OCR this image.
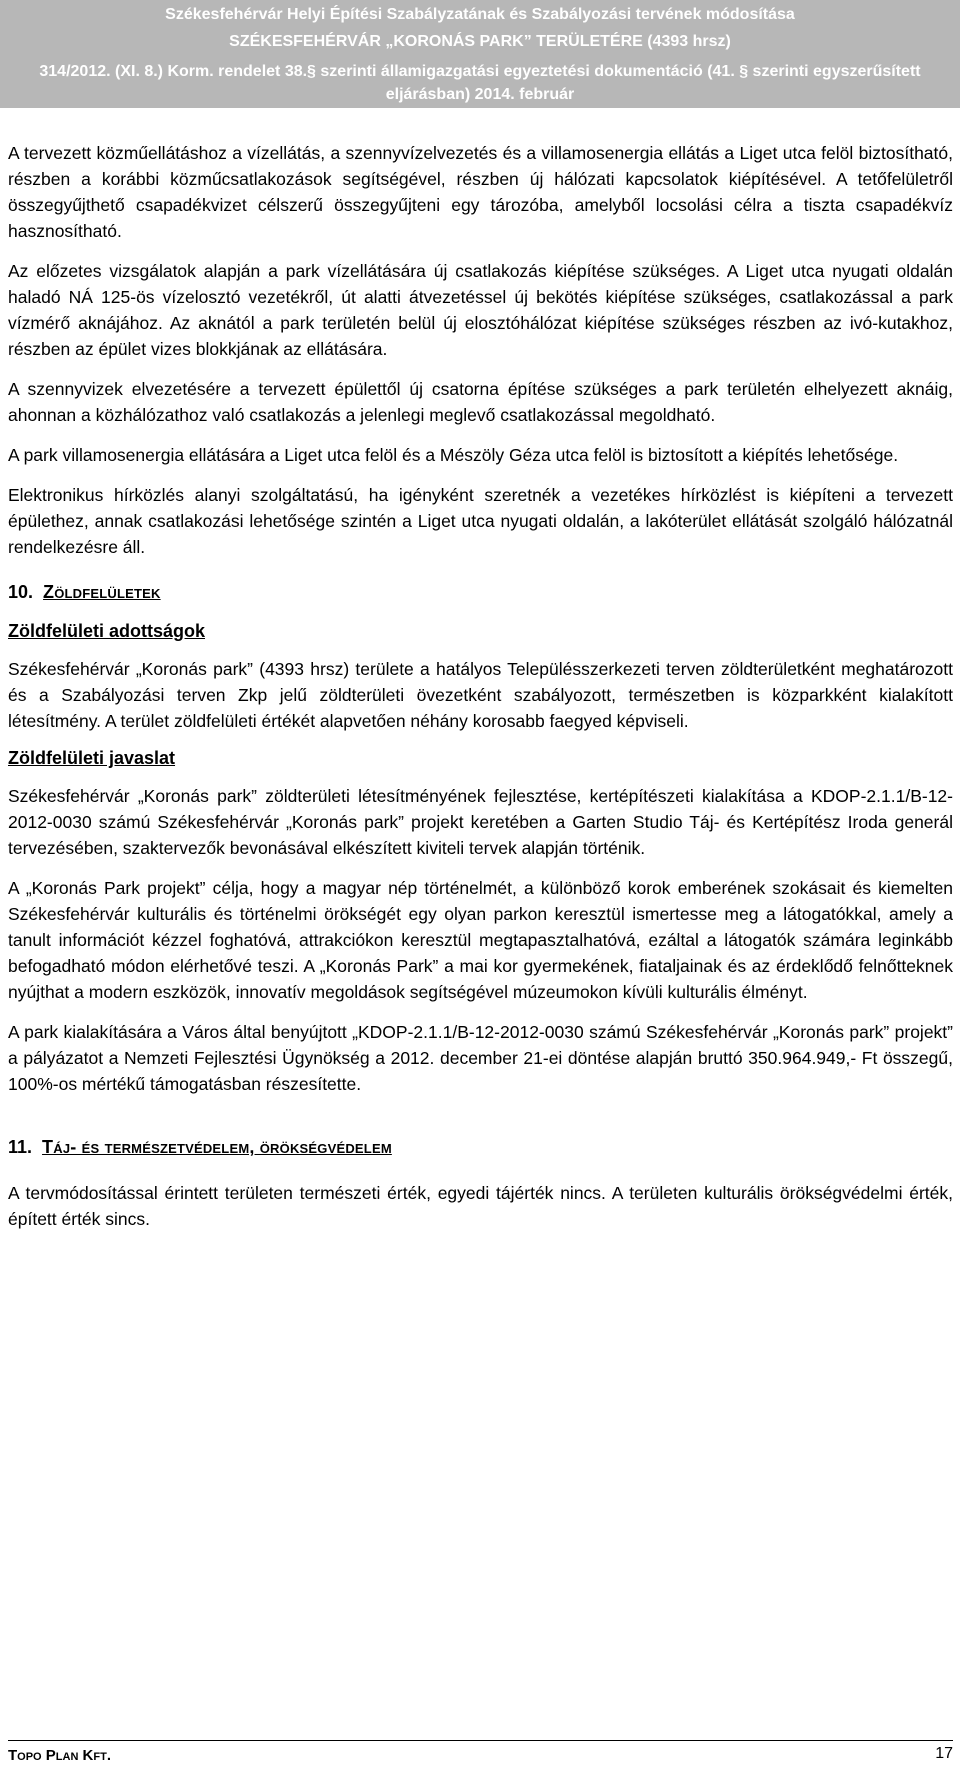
Székesfehérvár Helyi Építési Szabályzatának és Szabályozási tervének módosítása
SZÉKESFEHÉRVÁR „KORONÁS PARK” TERÜLETÉRE (4393 hrsz)
314/2012. (XI. 8.) Korm. rendelet 38.§ szerinti államigazgatási egyeztetési dokumentáció (41. § szerinti egyszerűsített eljárásban) 2014. február

A tervezett közműellátáshoz a vízellátás, a szennyvízelvezetés és a villamosenergia ellátás a Liget utca felöl biztosítható, részben a korábbi közműcsatlakozások segítségével, részben új hálózati kapcsolatok kiépítésével. A tetőfelületről összegyűjthető csapadékvizet célszerű összegyűjteni egy tározóba, amelyből locsolási célra a tiszta csapadékvíz hasznosítható.

Az előzetes vizsgálatok alapján a park vízellátására új csatlakozás kiépítése szükséges. A Liget utca nyugati oldalán haladó NÁ 125-ös vízelosztó vezetékről, út alatti átvezetéssel új bekötés kiépítése szükséges, csatlakozással a park vízmérő aknájához. Az aknától a park területén belül új elosztóhálózat kiépítése szükséges részben az ivó-kutakhoz, részben az épület vizes blokkjának az ellátására.

A szennyvizek elvezetésére a tervezett épülettől új csatorna építése szükséges a park területén elhelyezett aknáig, ahonnan a közhálózathoz való csatlakozás a jelenlegi meglevő csatlakozással megoldható.

A park villamosenergia ellátására a Liget utca felöl és a Mészöly Géza utca felöl is biztosított a kiépítés lehetősége.

Elektronikus hírközlés alanyi szolgáltatású, ha igényként szeretnék a vezetékes hírközlést is kiépíteni a tervezett épülethez, annak csatlakozási lehetősége szintén a Liget utca nyugati oldalán, a lakóterület ellátását szolgáló hálózatnál rendelkezésre áll.

10. Zöldfelületek
Zöldfelületi adottságok

Székesfehérvár „Koronás park” (4393 hrsz) területe a hatályos Településszerkezeti terven zöldterületként meghatározott és a Szabályozási terven Zkp jelű zöldterületi övezetként szabályozott, természetben is közparkként kialakított létesítmény. A terület zöldfelületi értékét alapvetően néhány korosabb faegyed képviseli.

Zöldfelületi javaslat

Székesfehérvár „Koronás park” zöldterületi létesítményének fejlesztése, kertépítészeti kialakítása a KDOP-2.1.1/B-12-2012-0030 számú Székesfehérvár „Koronás park” projekt keretében a Garten Studio Táj- és Kertépítész Iroda generál tervezésében, szaktervezők bevonásával elkészített kiviteli tervek alapján történik.

A „Koronás Park projekt” célja, hogy a magyar nép történelmét, a különböző korok emberének szokásait és kiemelten Székesfehérvár kulturális és történelmi örökségét egy olyan parkon keresztül ismertesse meg a látogatókkal, amely a tanult információt kézzel foghatóvá, attrakciókon keresztül megtapasztalhatóvá, ezáltal a látogatók számára leginkább befogadható módon elérhetővé teszi. A „Koronás Park” a mai kor gyermekének, fiataljainak és az érdeklődő felnőtteknek nyújthat a modern eszközök, innovatív megoldások segítségével múzeumokon kívüli kulturális élményt.

A park kialakítására a Város által benyújtott „KDOP-2.1.1/B-12-2012-0030 számú Székesfehérvár „Koronás park” projekt” a pályázatot a Nemzeti Fejlesztési Ügynökség a 2012. december 21-ei döntése alapján bruttó 350.964.949,- Ft összegű, 100%-os mértékű támogatásban részesítette.

11. Táj- és természetvédelem, örökségvédelem

A tervmódosítással érintett területen természeti érték, egyedi tájérték nincs. A területen kulturális örökségvédelmi érték, épített érték sincs.

Topo Plan Kft.	17
